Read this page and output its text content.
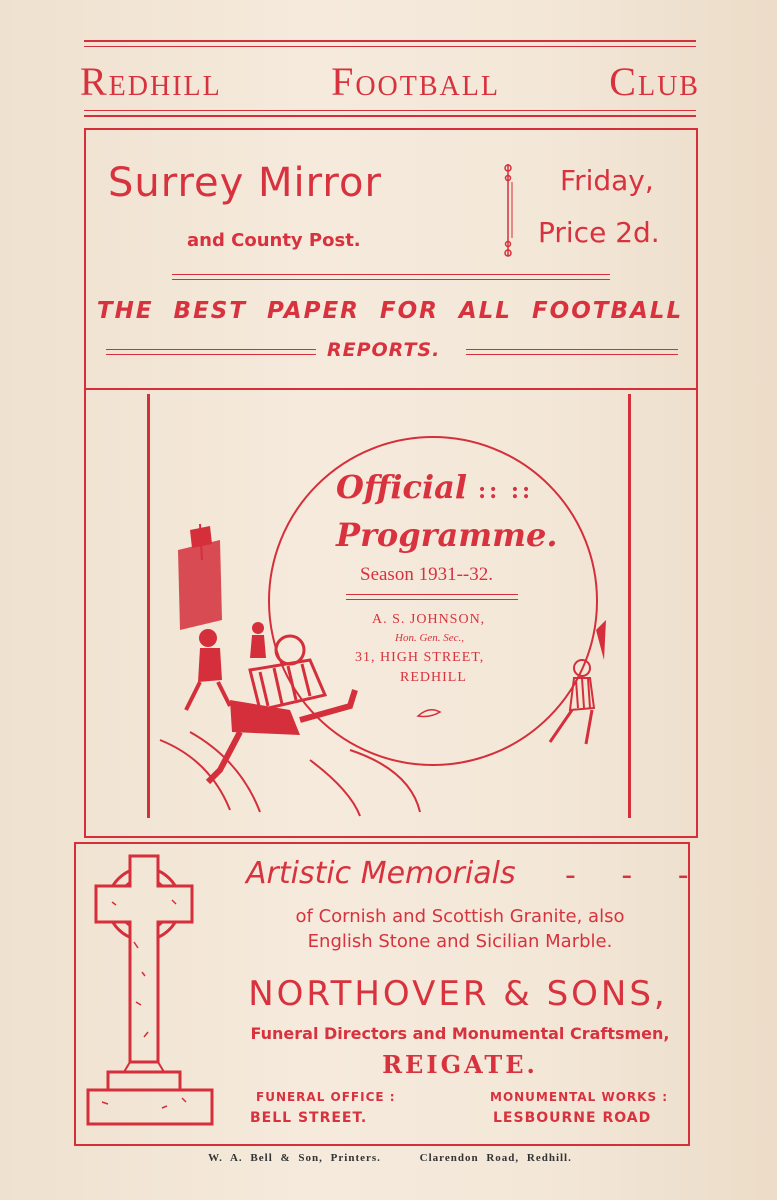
Redhill	Football	Club
Surrey Mirror
and County Post.
Friday,
Price 2d.
THE BEST PAPER FOR ALL FOOTBALL
REPORTS.
Official :: ::
Programme.
Season 1931--32.
A. S. JOHNSON,
Hon. Gen. Sec.,
31, HIGH STREET,
REDHILL
Artistic Memorials - - -
of Cornish and Scottish Granite, also
English Stone and Sicilian Marble.
NORTHOVER & SONS,
Funeral Directors and Monumental Craftsmen,
REIGATE.
FUNERAL OFFICE :
BELL STREET.
MONUMENTAL WORKS :
LESBOURNE ROAD
W. A. Bell & Son, Printers.	Clarendon Road, Redhill.
